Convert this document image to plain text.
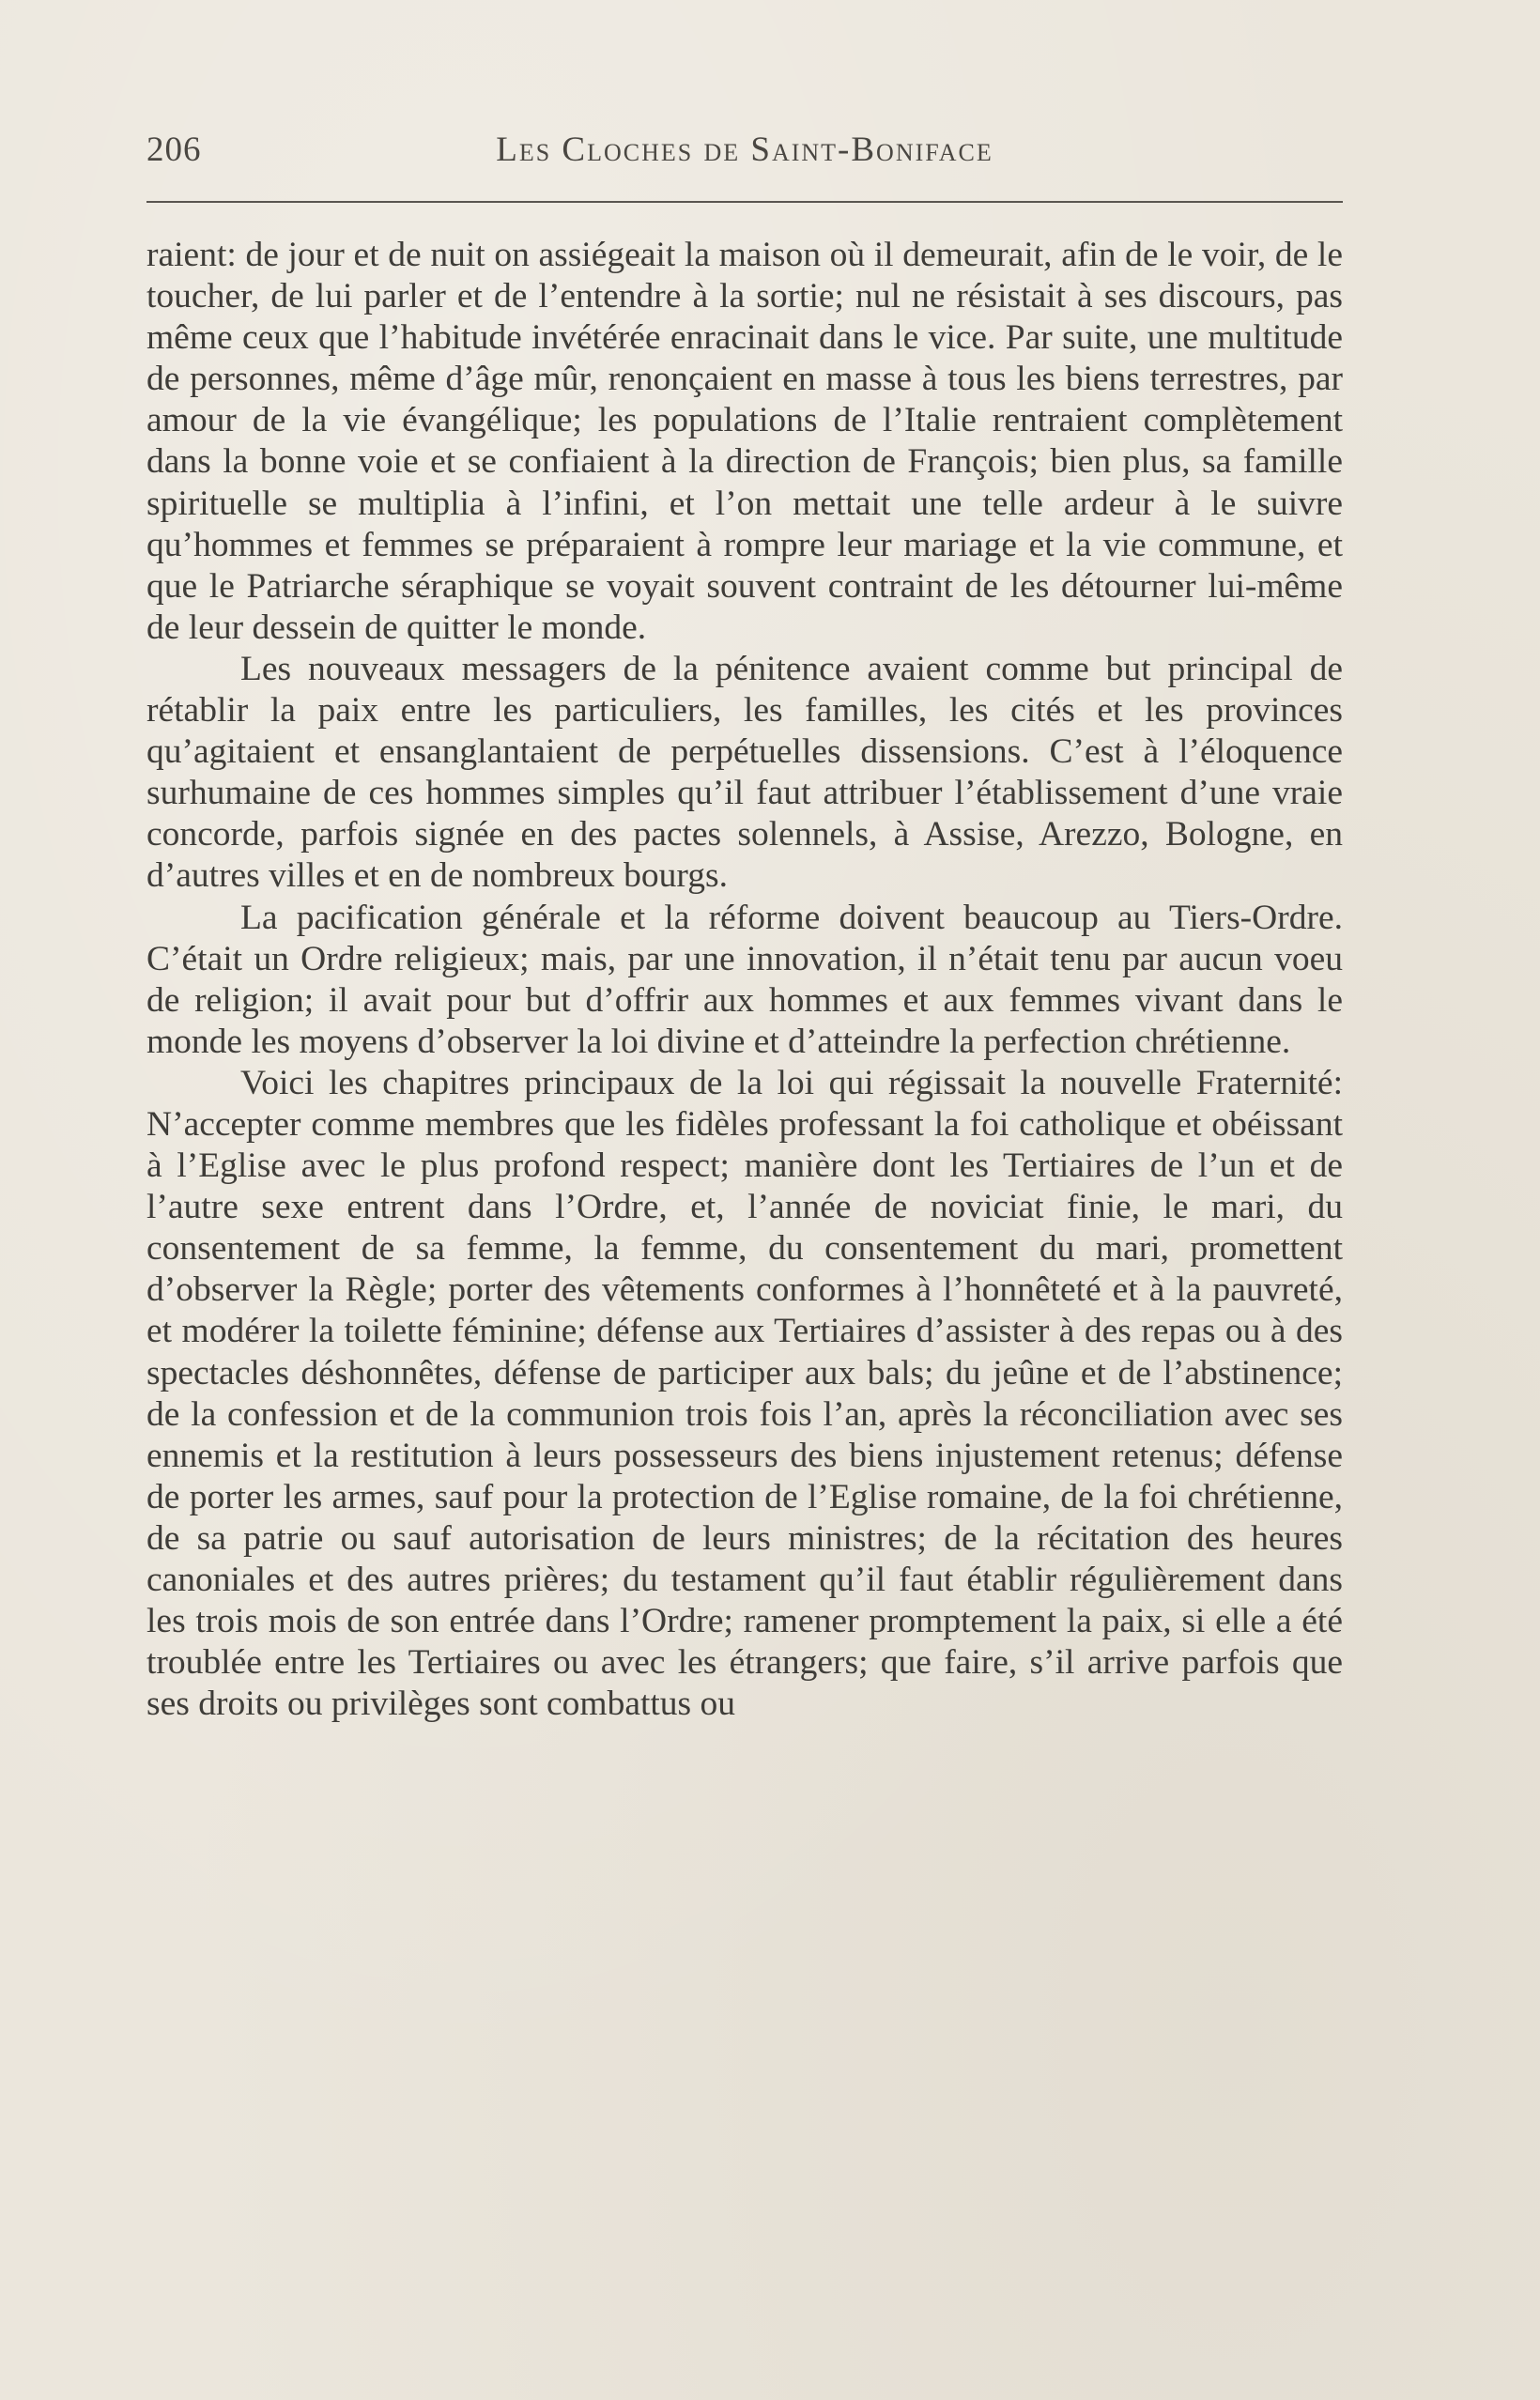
206	Les Cloches de Saint-Boniface

raient: de jour et de nuit on assiégeait la maison où il demeurait, afin de le voir, de le toucher, de lui parler et de l’entendre à la sortie; nul ne résistait à ses discours, pas même ceux que l’habitude invétérée enracinait dans le vice. Par suite, une multitude de personnes, même d’âge mûr, renonçaient en masse à tous les biens terrestres, par amour de la vie évangélique; les populations de l’Italie rentraient complètement dans la bonne voie et se confiaient à la direction de François; bien plus, sa famille spirituelle se multiplia à l’infini, et l’on mettait une telle ardeur à le suivre qu’hommes et femmes se préparaient à rompre leur mariage et la vie commune, et que le Patriarche séraphique se voyait souvent contraint de les détourner lui-même de leur dessein de quitter le monde.

Les nouveaux messagers de la pénitence avaient comme but principal de rétablir la paix entre les particuliers, les familles, les cités et les provinces qu’agitaient et ensanglantaient de perpétuelles dissensions. C’est à l’éloquence surhumaine de ces hommes simples qu’il faut attribuer l’établissement d’une vraie concorde, parfois signée en des pactes solennels, à Assise, Arezzo, Bologne, en d’autres villes et en de nombreux bourgs.

La pacification générale et la réforme doivent beaucoup au Tiers-Ordre. C’était un Ordre religieux; mais, par une innovation, il n’était tenu par aucun voeu de religion; il avait pour but d’offrir aux hommes et aux femmes vivant dans le monde les moyens d’observer la loi divine et d’atteindre la perfection chrétienne.

Voici les chapitres principaux de la loi qui régissait la nouvelle Fraternité: N’accepter comme membres que les fidèles professant la foi catholique et obéissant à l’Eglise avec le plus profond respect; manière dont les Tertiaires de l’un et de l’autre sexe entrent dans l’Ordre, et, l’année de noviciat finie, le mari, du consentement de sa femme, la femme, du consentement du mari, promettent d’observer la Règle; porter des vêtements conformes à l’honnêteté et à la pauvreté, et modérer la toilette féminine; défense aux Tertiaires d’assister à des repas ou à des spectacles déshonnêtes, défense de participer aux bals; du jeûne et de l’abstinence; de la confession et de la communion trois fois l’an, après la réconciliation avec ses ennemis et la restitution à leurs possesseurs des biens injustement retenus; défense de porter les armes, sauf pour la protection de l’Eglise romaine, de la foi chrétienne, de sa patrie ou sauf autorisation de leurs ministres; de la récitation des heures canoniales et des autres prières; du testament qu’il faut établir régulièrement dans les trois mois de son entrée dans l’Ordre; ramener promptement la paix, si elle a été troublée entre les Tertiaires ou avec les étrangers; que faire, s’il arrive parfois que ses droits ou privilèges sont combattus ou
